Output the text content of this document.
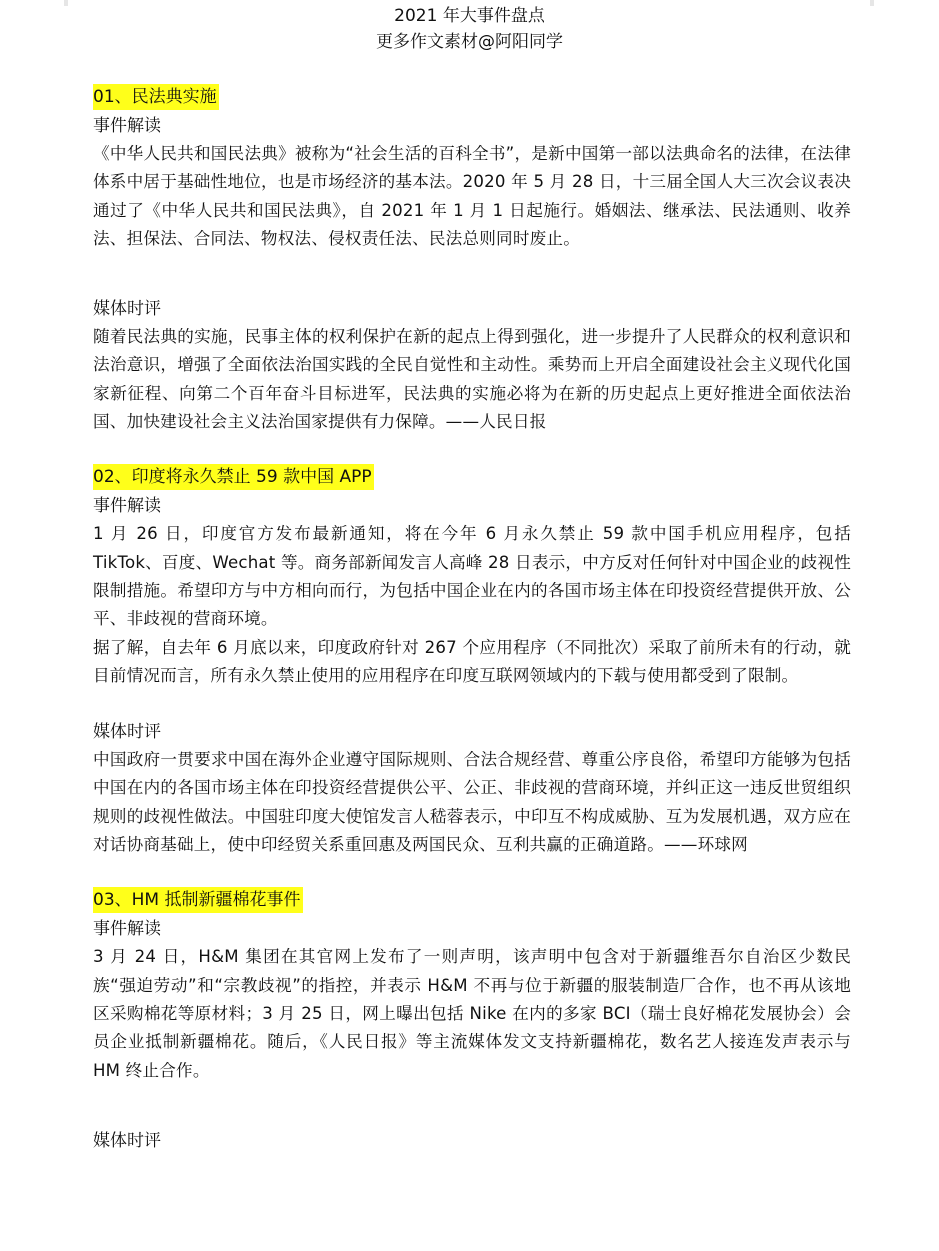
2021 年大事件盘点

更多作文素材@阿阳同学

01、民法典实施

事件解读

《中华人民共和国民法典》被称为“社会生活的百科全书”，是新中国第一部以法典命名的法律，在法律体系中居于基础性地位，也是市场经济的基本法。2020 年 5 月 28 日，十三届全国人大三次会议表决通过了《中华人民共和国民法典》，自 2021 年 1 月 1 日起施行。婚姻法、继承法、民法通则、收养法、担保法、合同法、物权法、侵权责任法、民法总则同时废止。

媒体时评

随着民法典的实施，民事主体的权利保护在新的起点上得到强化，进一步提升了人民群众的权利意识和法治意识，增强了全面依法治国实践的全民自觉性和主动性。乘势而上开启全面建设社会主义现代化国家新征程、向第二个百年奋斗目标进军，民法典的实施必将为在新的历史起点上更好推进全面依法治国、加快建设社会主义法治国家提供有力保障。——人民日报

02、印度将永久禁止 59 款中国 APP

事件解读

1 月 26 日，印度官方发布最新通知，将在今年 6 月永久禁止 59 款中国手机应用程序，包括 TikTok、百度、Wechat 等。商务部新闻发言人高峰 28 日表示，中方反对任何针对中国企业的歧视性限制措施。希望印方与中方相向而行，为包括中国企业在内的各国市场主体在印投资经营提供开放、公平、非歧视的营商环境。

据了解，自去年 6 月底以来，印度政府针对 267 个应用程序（不同批次）采取了前所未有的行动，就目前情况而言，所有永久禁止使用的应用程序在印度互联网领域内的下载与使用都受到了限制。

媒体时评

中国政府一贯要求中国在海外企业遵守国际规则、合法合规经营、尊重公序良俗，希望印方能够为包括中国在内的各国市场主体在印投资经营提供公平、公正、非歧视的营商环境，并纠正这一违反世贸组织规则的歧视性做法。中国驻印度大使馆发言人嵇蓉表示，中印互不构成威胁、互为发展机遇，双方应在对话协商基础上，使中印经贸关系重回惠及两国民众、互利共赢的正确道路。——环球网

03、HM 抵制新疆棉花事件

事件解读

3 月 24 日，H&M 集团在其官网上发布了一则声明，该声明中包含对于新疆维吾尔自治区少数民族“强迫劳动”和“宗教歧视”的指控，并表示 H&M 不再与位于新疆的服装制造厂合作，也不再从该地区采购棉花等原材料；3 月 25 日，网上曝出包括 Nike 在内的多家 BCI（瑞士良好棉花发展协会）会员企业抵制新疆棉花。随后，《人民日报》等主流媒体发文支持新疆棉花，数名艺人接连发声表示与 HM 终止合作。

媒体时评
